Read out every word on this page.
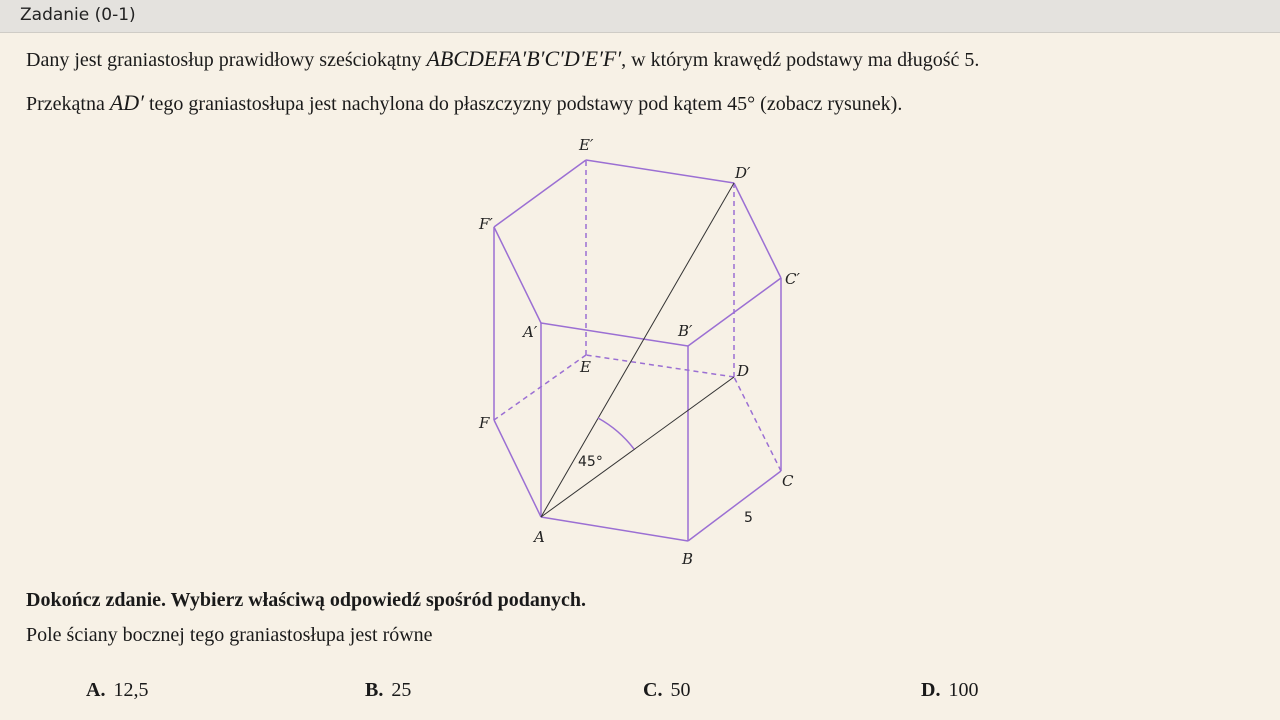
Zadanie (0-1)
Dany jest graniastosłup prawidłowy sześciokątny ABCDEFA′B′C′D′E′F′, w którym krawędź podstawy ma długość 5.
Przekątna AD′ tego graniastosłupa jest nachylona do płaszczyzny podstawy pod kątem 45° (zobacz rysunek).
A
B
C
D
E
F
A′	B′
C′
D′
E′
F′
45°
5
Dokończ zdanie. Wybierz właściwą odpowiedź spośród podanych.
Pole ściany bocznej tego graniastosłupa jest równe
A. 12,5	B. 25	C. 50	D. 100
